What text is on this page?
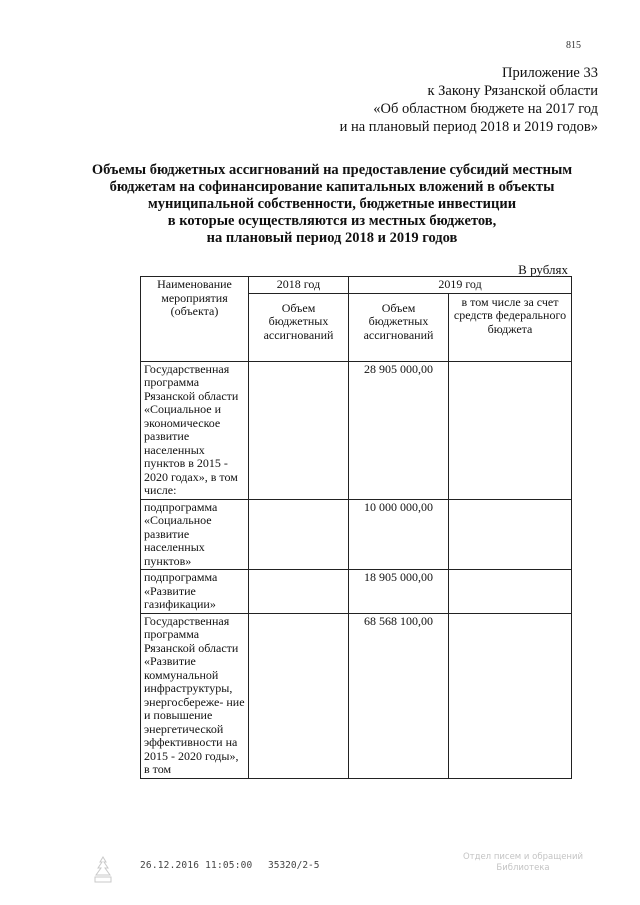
815
Приложение 33
к Закону Рязанской области
«Об областном бюджете на 2017 год
и на плановый период 2018 и 2019 годов»
Объемы бюджетных ассигнований на предоставление субсидий местным
бюджетам на софинансирование капитальных вложений в объекты
муниципальной собственности, бюджетные инвестиции
в которые осуществляются из местных бюджетов,
на плановый период 2018 и 2019 годов
В рублях
Наименование мероприятия (объекта)	2018 год	2019 год	
	Объем бюджетных ассигнований	Объем бюджетных ассигнований	в том числе за счет средств федерального бюджета
Государственная программа Рязанской области «Социальное и экономическое развитие населенных пунктов в 2015 - 2020 годах», в том числе:		28 905 000,00	
подпрограмма «Социальное развитие населенных пунктов»		10 000 000,00	
подпрограмма «Развитие газификации»		18 905 000,00	
Государственная программа Рязанской области «Развитие коммунальной инфраструктуры, энергосбереже- ние и повышение энергетической эффективности на 2015 - 2020 годы», в том		68 568 100,00	
26.12.2016 11:05:00 35320/2-5
Отдел писем и обращений
Библиотека
